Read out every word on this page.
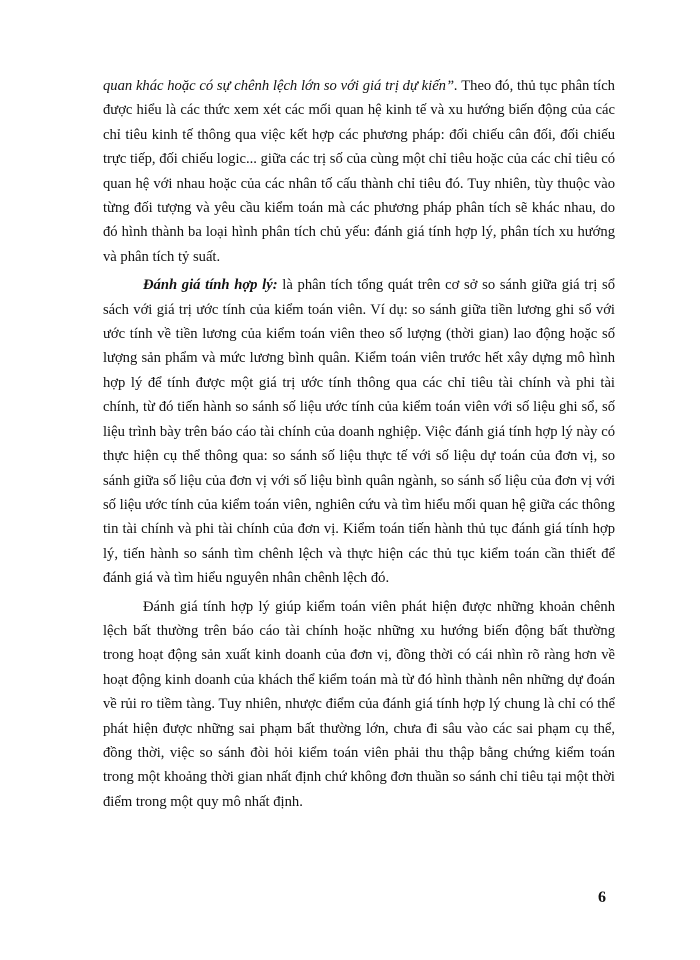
quan khác hoặc có sự chênh lệch lớn so với giá trị dự kiến”. Theo đó, thủ tục phân tích được hiểu là các thức xem xét các mối quan hệ kinh tế và xu hướng biến động của các chỉ tiêu kinh tế thông qua việc kết hợp các phương pháp: đối chiếu cân đối, đối chiếu trực tiếp, đối chiếu logic... giữa các trị số của cùng một chỉ tiêu hoặc của các chỉ tiêu có quan hệ với nhau hoặc của các nhân tố cấu thành chỉ tiêu đó. Tuy nhiên, tùy thuộc vào từng đối tượng và yêu cầu kiểm toán mà các phương pháp phân tích sẽ khác nhau, do đó hình thành ba loại hình phân tích chủ yếu: đánh giá tính hợp lý, phân tích xu hướng và phân tích tỷ suất.

Đánh giá tính hợp lý: là phân tích tổng quát trên cơ sở so sánh giữa giá trị sổ sách với giá trị ước tính của kiểm toán viên. Ví dụ: so sánh giữa tiền lương ghi sổ với ước tính về tiền lương của kiểm toán viên theo số lượng (thời gian) lao động hoặc số lượng sản phẩm và mức lương bình quân. Kiểm toán viên trước hết xây dựng mô hình hợp lý để tính được một giá trị ước tính thông qua các chỉ tiêu tài chính và phi tài chính, từ đó tiến hành so sánh số liệu ước tính của kiểm toán viên với số liệu ghi sổ, số liệu trình bày trên báo cáo tài chính của doanh nghiệp. Việc đánh giá tính hợp lý này có thực hiện cụ thể thông qua: so sánh số liệu thực tế với số liệu dự toán của đơn vị, so sánh giữa số liệu của đơn vị với số liệu bình quân ngành, so sánh số liệu của đơn vị với số liệu ước tính của kiểm toán viên, nghiên cứu và tìm hiểu mối quan hệ giữa các thông tin tài chính và phi tài chính của đơn vị. Kiểm toán tiến hành thủ tục đánh giá tính hợp lý, tiến hành so sánh tìm chênh lệch và thực hiện các thủ tục kiểm toán cần thiết để đánh giá và tìm hiểu nguyên nhân chênh lệch đó.

Đánh giá tính hợp lý giúp kiểm toán viên phát hiện được những khoản chênh lệch bất thường trên báo cáo tài chính hoặc những xu hướng biến động bất thường trong hoạt động sản xuất kinh doanh của đơn vị, đồng thời có cái nhìn rõ ràng hơn về hoạt động kinh doanh của khách thể kiểm toán mà từ đó hình thành nên những dự đoán về rủi ro tiềm tàng. Tuy nhiên, nhược điểm của đánh giá tính hợp lý chung là chỉ có thể phát hiện được những sai phạm bất thường lớn, chưa đi sâu vào các sai phạm cụ thể, đồng thời, việc so sánh đòi hỏi kiểm toán viên phải thu thập bằng chứng kiểm toán trong một khoảng thời gian nhất định chứ không đơn thuần so sánh chỉ tiêu tại một thời điểm trong một quy mô nhất định.

6
